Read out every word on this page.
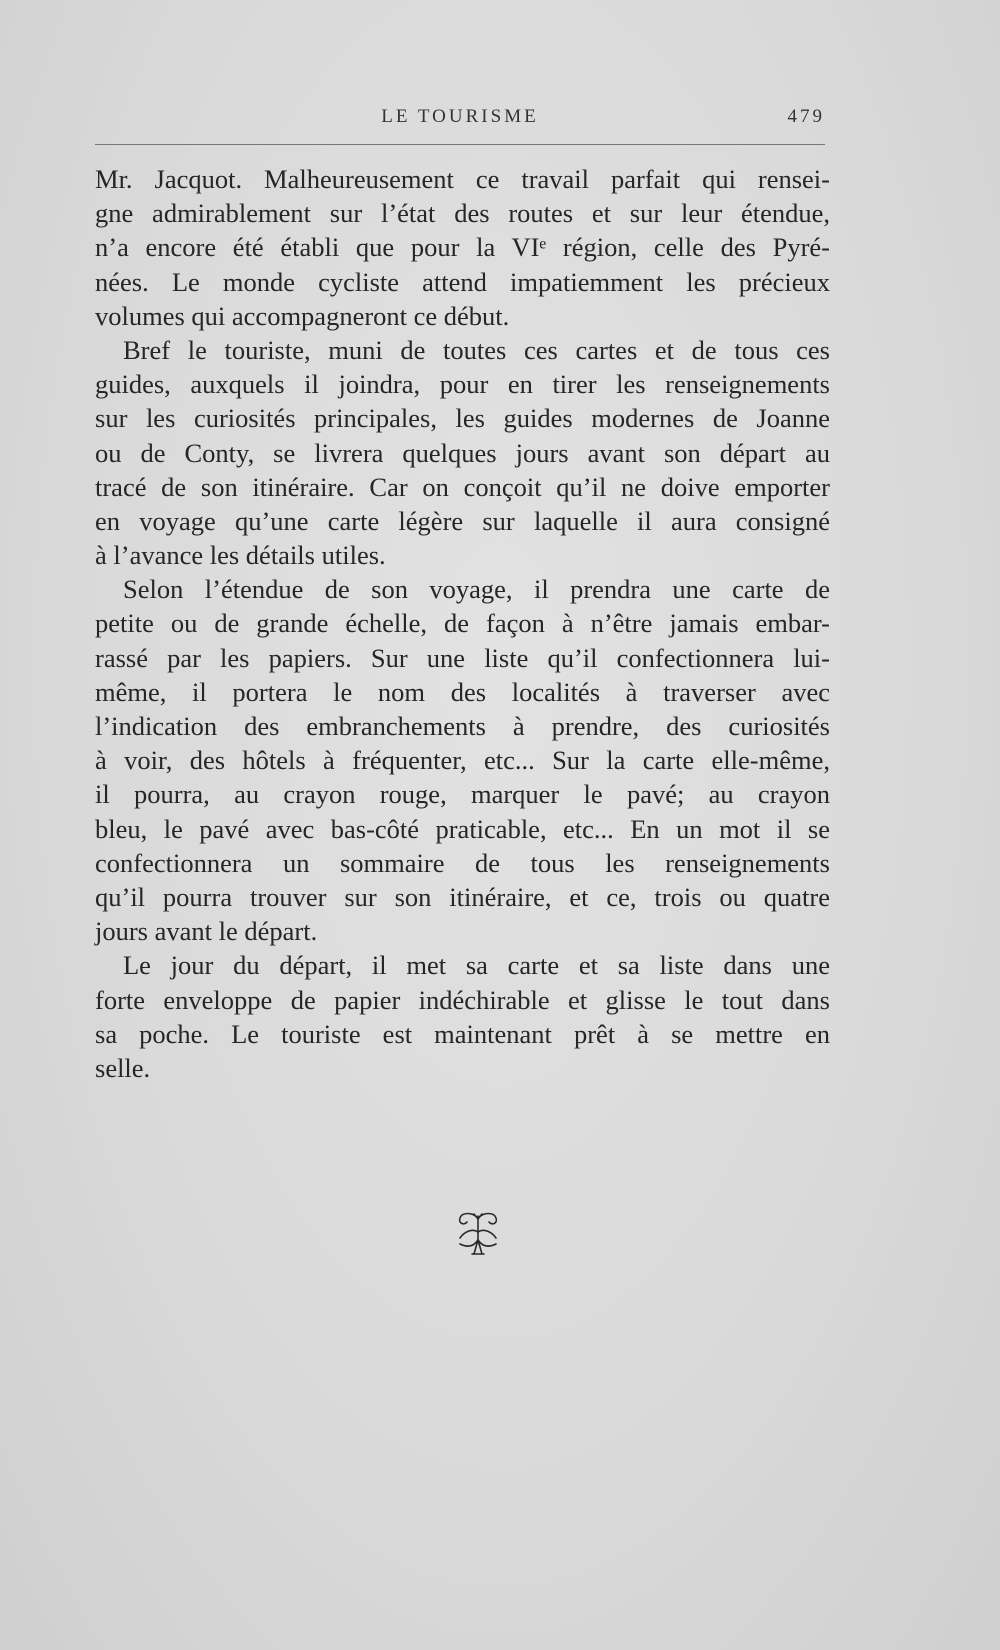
LE TOURISME	479
Mr. Jacquot. Malheureusement ce travail parfait qui rensei-
gne admirablement sur l’état des routes et sur leur étendue,
n’a encore été établi que pour la VIᵉ région, celle des Pyré-
nées. Le monde cycliste attend impatiemment les précieux
volumes qui accompagneront ce début.
Bref le touriste, muni de toutes ces cartes et de tous ces
guides, auxquels il joindra, pour en tirer les renseignements
sur les curiosités principales, les guides modernes de Joanne
ou de Conty, se livrera quelques jours avant son départ au
tracé de son itinéraire. Car on conçoit qu’il ne doive emporter
en voyage qu’une carte légère sur laquelle il aura consigné
à l’avance les détails utiles.
Selon l’étendue de son voyage, il prendra une carte de
petite ou de grande échelle, de façon à n’être jamais embar-
rassé par les papiers. Sur une liste qu’il confectionnera lui-
même, il portera le nom des localités à traverser avec
l’indication des embranchements à prendre, des curiosités
à voir, des hôtels à fréquenter, etc... Sur la carte elle-même,
il pourra, au crayon rouge, marquer le pavé; au crayon
bleu, le pavé avec bas-côté praticable, etc... En un mot il se
confectionnera un sommaire de tous les renseignements
qu’il pourra trouver sur son itinéraire, et ce, trois ou quatre
jours avant le départ.
Le jour du départ, il met sa carte et sa liste dans une
forte enveloppe de papier indéchirable et glisse le tout dans
sa poche. Le touriste est maintenant prêt à se mettre en
selle.
